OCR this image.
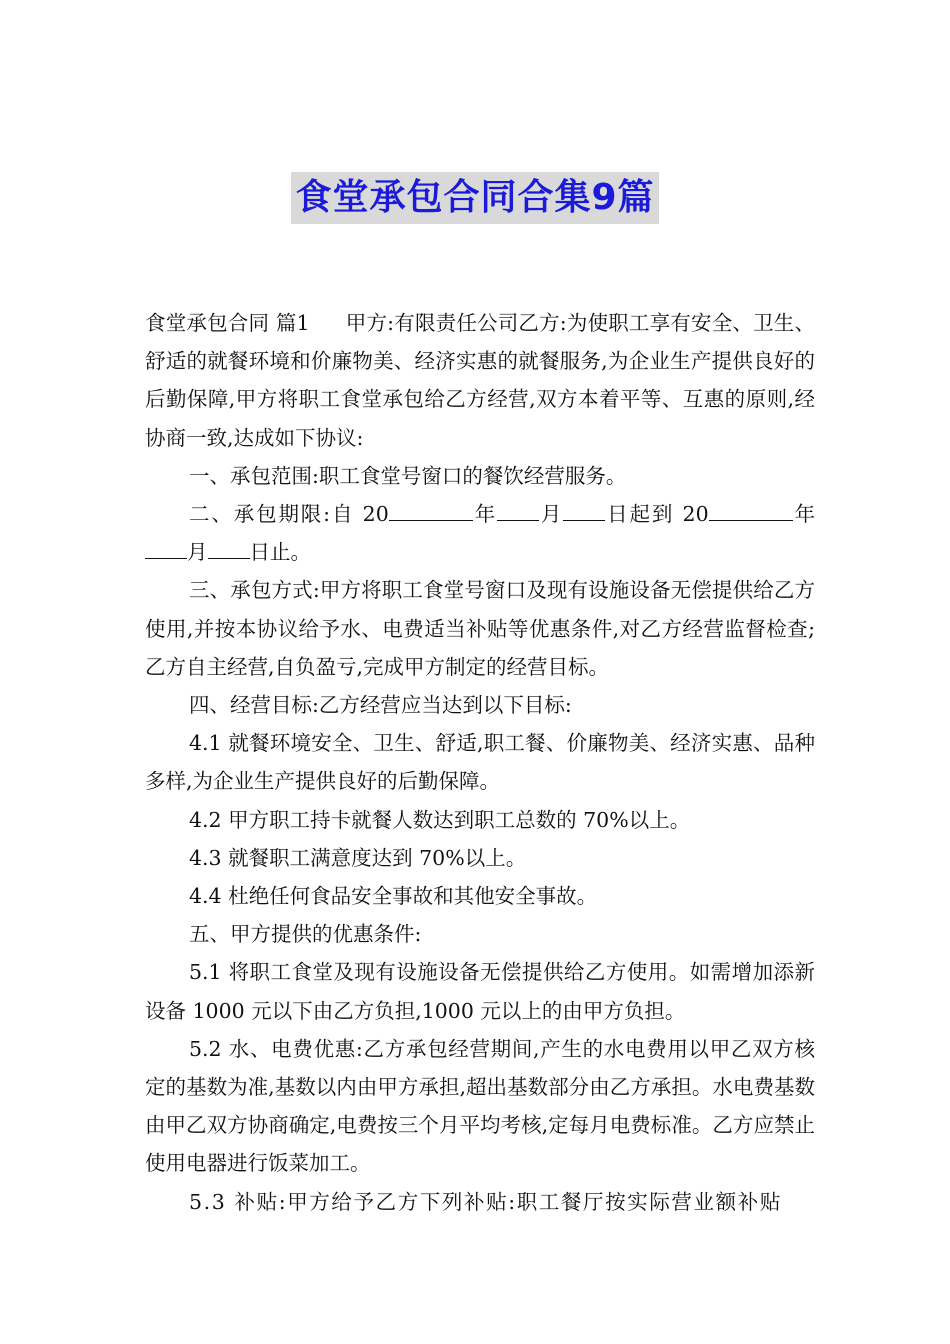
食堂承包合同合集9篇

食堂承包合同 篇1 甲方:有限责任公司乙方:为使职工享有安全、卫生、舒适的就餐环境和价廉物美、经济实惠的就餐服务,为企业生产提供良好的后勤保障,甲方将职工食堂承包给乙方经营,双方本着平等、互惠的原则,经协商一致,达成如下协议:

一、承包范围:职工食堂号窗口的餐饮经营服务。

二、承包期限:自 20	年 月 日起到 20	年月 日止。

三、承包方式:甲方将职工食堂号窗口及现有设施设备无偿提供给乙方使用,并按本协议给予水、电费适当补贴等优惠条件,对乙方经营监督检查;乙方自主经营,自负盈亏,完成甲方制定的经营目标。

四、经营目标:乙方经营应当达到以下目标:

4.1 就餐环境安全、卫生、舒适,职工餐、价廉物美、经济实惠、品种多样,为企业生产提供良好的后勤保障。

4.2 甲方职工持卡就餐人数达到职工总数的 70%以上。

4.3 就餐职工满意度达到 70%以上。

4.4 杜绝任何食品安全事故和其他安全事故。

五、甲方提供的优惠条件:

5.1 将职工食堂及现有设施设备无偿提供给乙方使用。如需增加添新设备 1000 元以下由乙方负担,1000 元以上的由甲方负担。

5.2 水、电费优惠:乙方承包经营期间,产生的水电费用以甲乙双方核定的基数为准,基数以内由甲方承担,超出基数部分由乙方承担。水电费基数由甲乙双方协商确定,电费按三个月平均考核,定每月电费标准。乙方应禁止使用电器进行饭菜加工。

5.3 补贴:甲方给予乙方下列补贴:职工餐厅按实际营业额补贴
